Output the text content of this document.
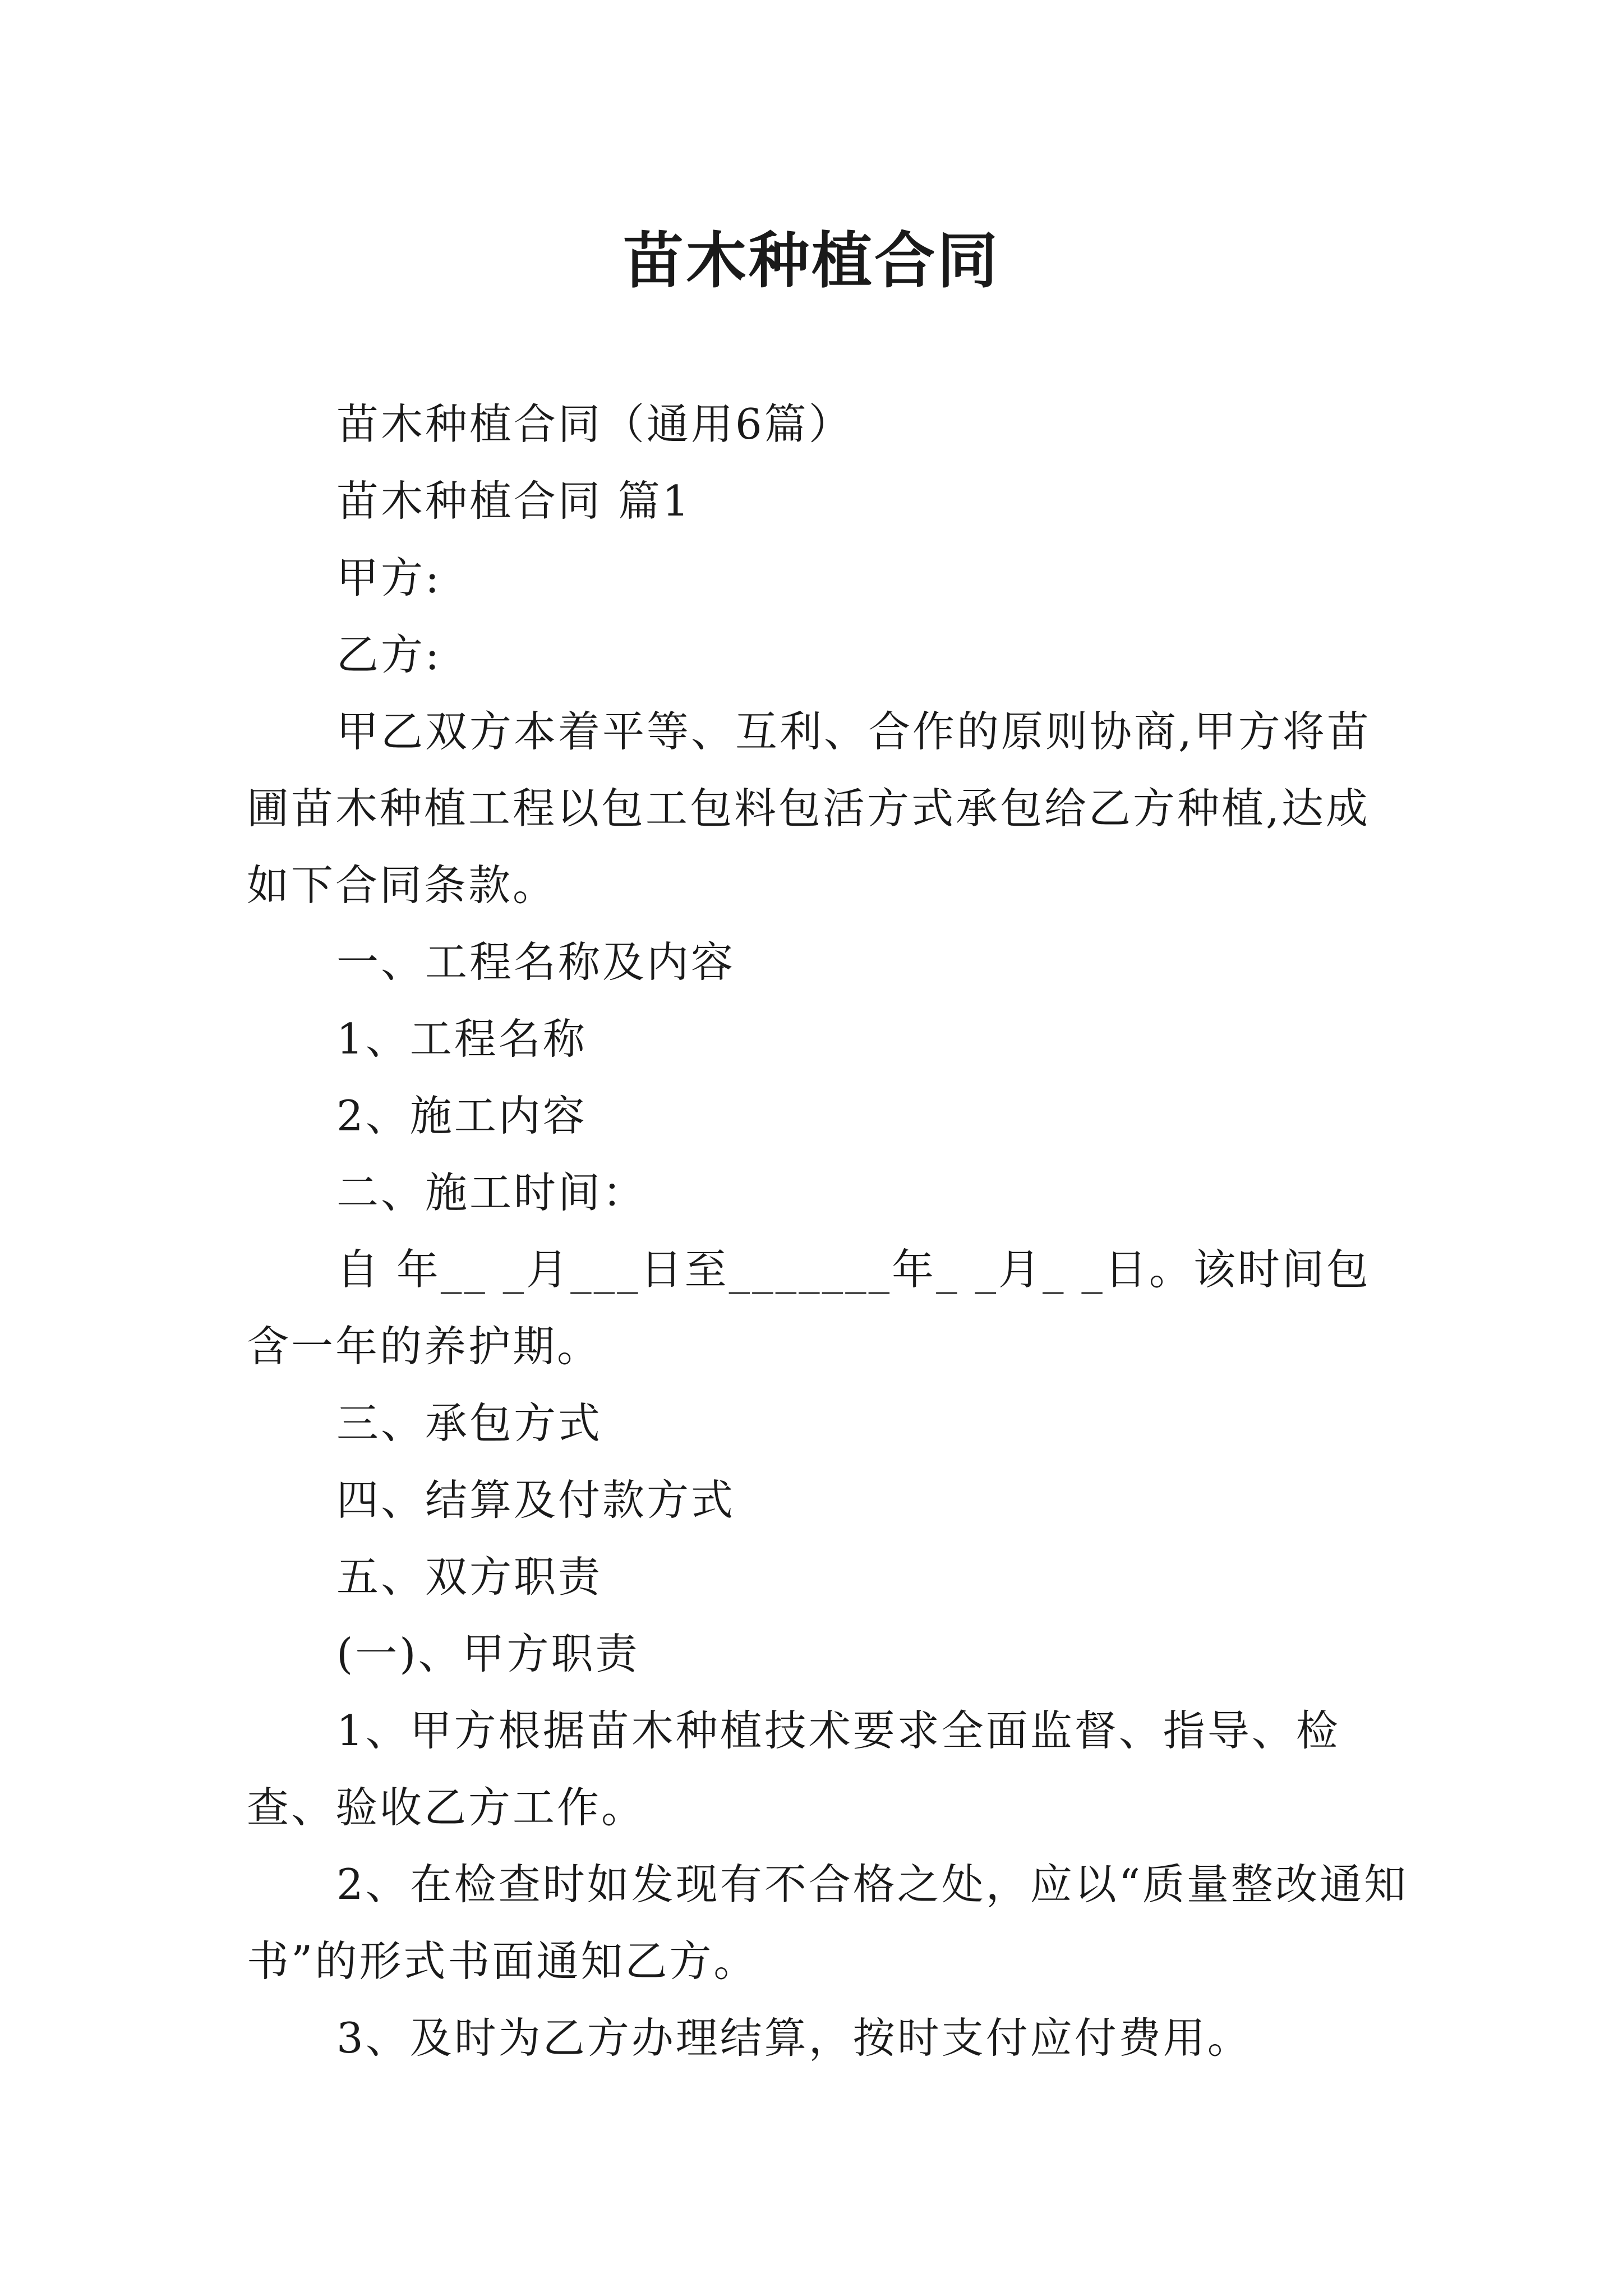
苗木种植合同

苗木种植合同（通用6篇）

苗木种植合同 篇1

甲方:

乙方:

甲乙双方本着平等、互利、合作的原则协商,甲方将苗圃苗木种植工程以包工包料包活方式承包给乙方种植,达成如下合同条款。

一、工程名称及内容

1、工程名称

2、施工内容

二、施工时间：

自 年__ _月___日至_______年_ _月_ _日。该时间包含一年的养护期。

三、承包方式

四、结算及付款方式

五、双方职责

(一)、甲方职责

1、甲方根据苗木种植技术要求全面监督、指导、检查、验收乙方工作。

2、在检查时如发现有不合格之处，应以“质量整改通知书”的形式书面通知乙方。

3、及时为乙方办理结算，按时支付应付费用。
